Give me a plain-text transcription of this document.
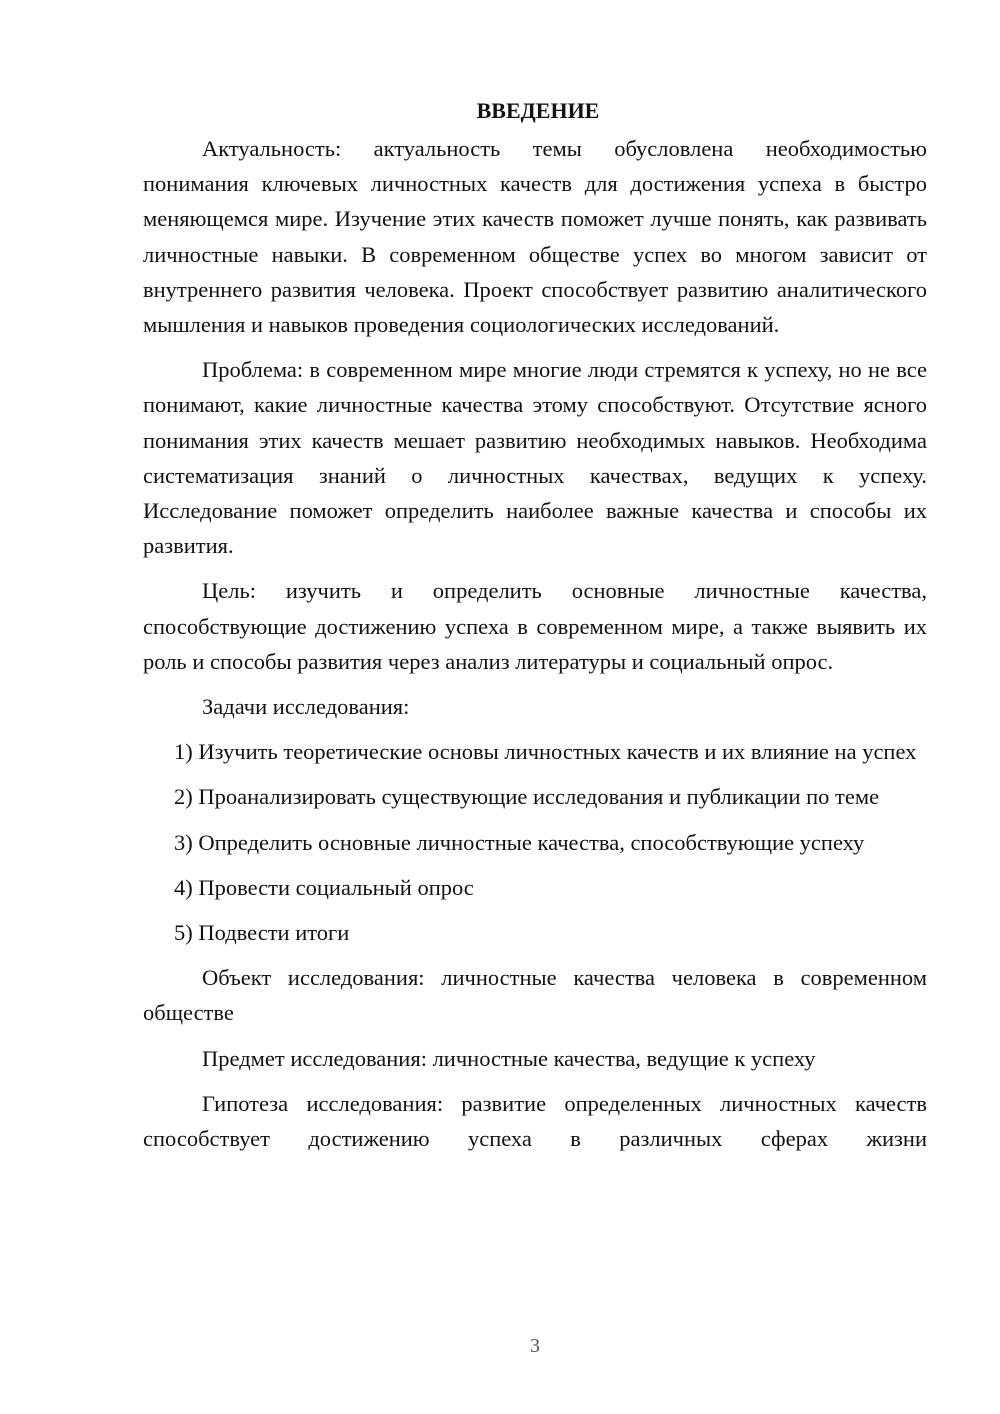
ВВЕДЕНИЕ

Актуальность: актуальность темы обусловлена необходимостью понимания ключевых личностных качеств для достижения успеха в быстро меняющемся мире. Изучение этих качеств поможет лучше понять, как развивать личностные навыки. В современном обществе успех во многом зависит от внутреннего развития человека. Проект способствует развитию аналитического мышления и навыков проведения социологических исследований.

Проблема: в современном мире многие люди стремятся к успеху, но не все понимают, какие личностные качества этому способствуют. Отсутствие ясного понимания этих качеств мешает развитию необходимых навыков. Необходима систематизация знаний о личностных качествах, ведущих к успеху. Исследование поможет определить наиболее важные качества и способы их развития.

Цель: изучить и определить основные личностные качества, способствующие достижению успеха в современном мире, а также выявить их роль и способы развития через анализ литературы и социальный опрос.

Задачи исследования:

1) Изучить теоретические основы личностных качеств и их влияние на успех

2) Проанализировать существующие исследования и публикации по теме

3) Определить основные личностные качества, способствующие успеху

4) Провести социальный опрос

5) Подвести итоги

Объект исследования: личностные качества человека в современном обществе

Предмет исследования: личностные качества, ведущие к успеху

Гипотеза исследования: развитие определенных личностных качеств способствует достижению успеха в различных сферах жизни

3
